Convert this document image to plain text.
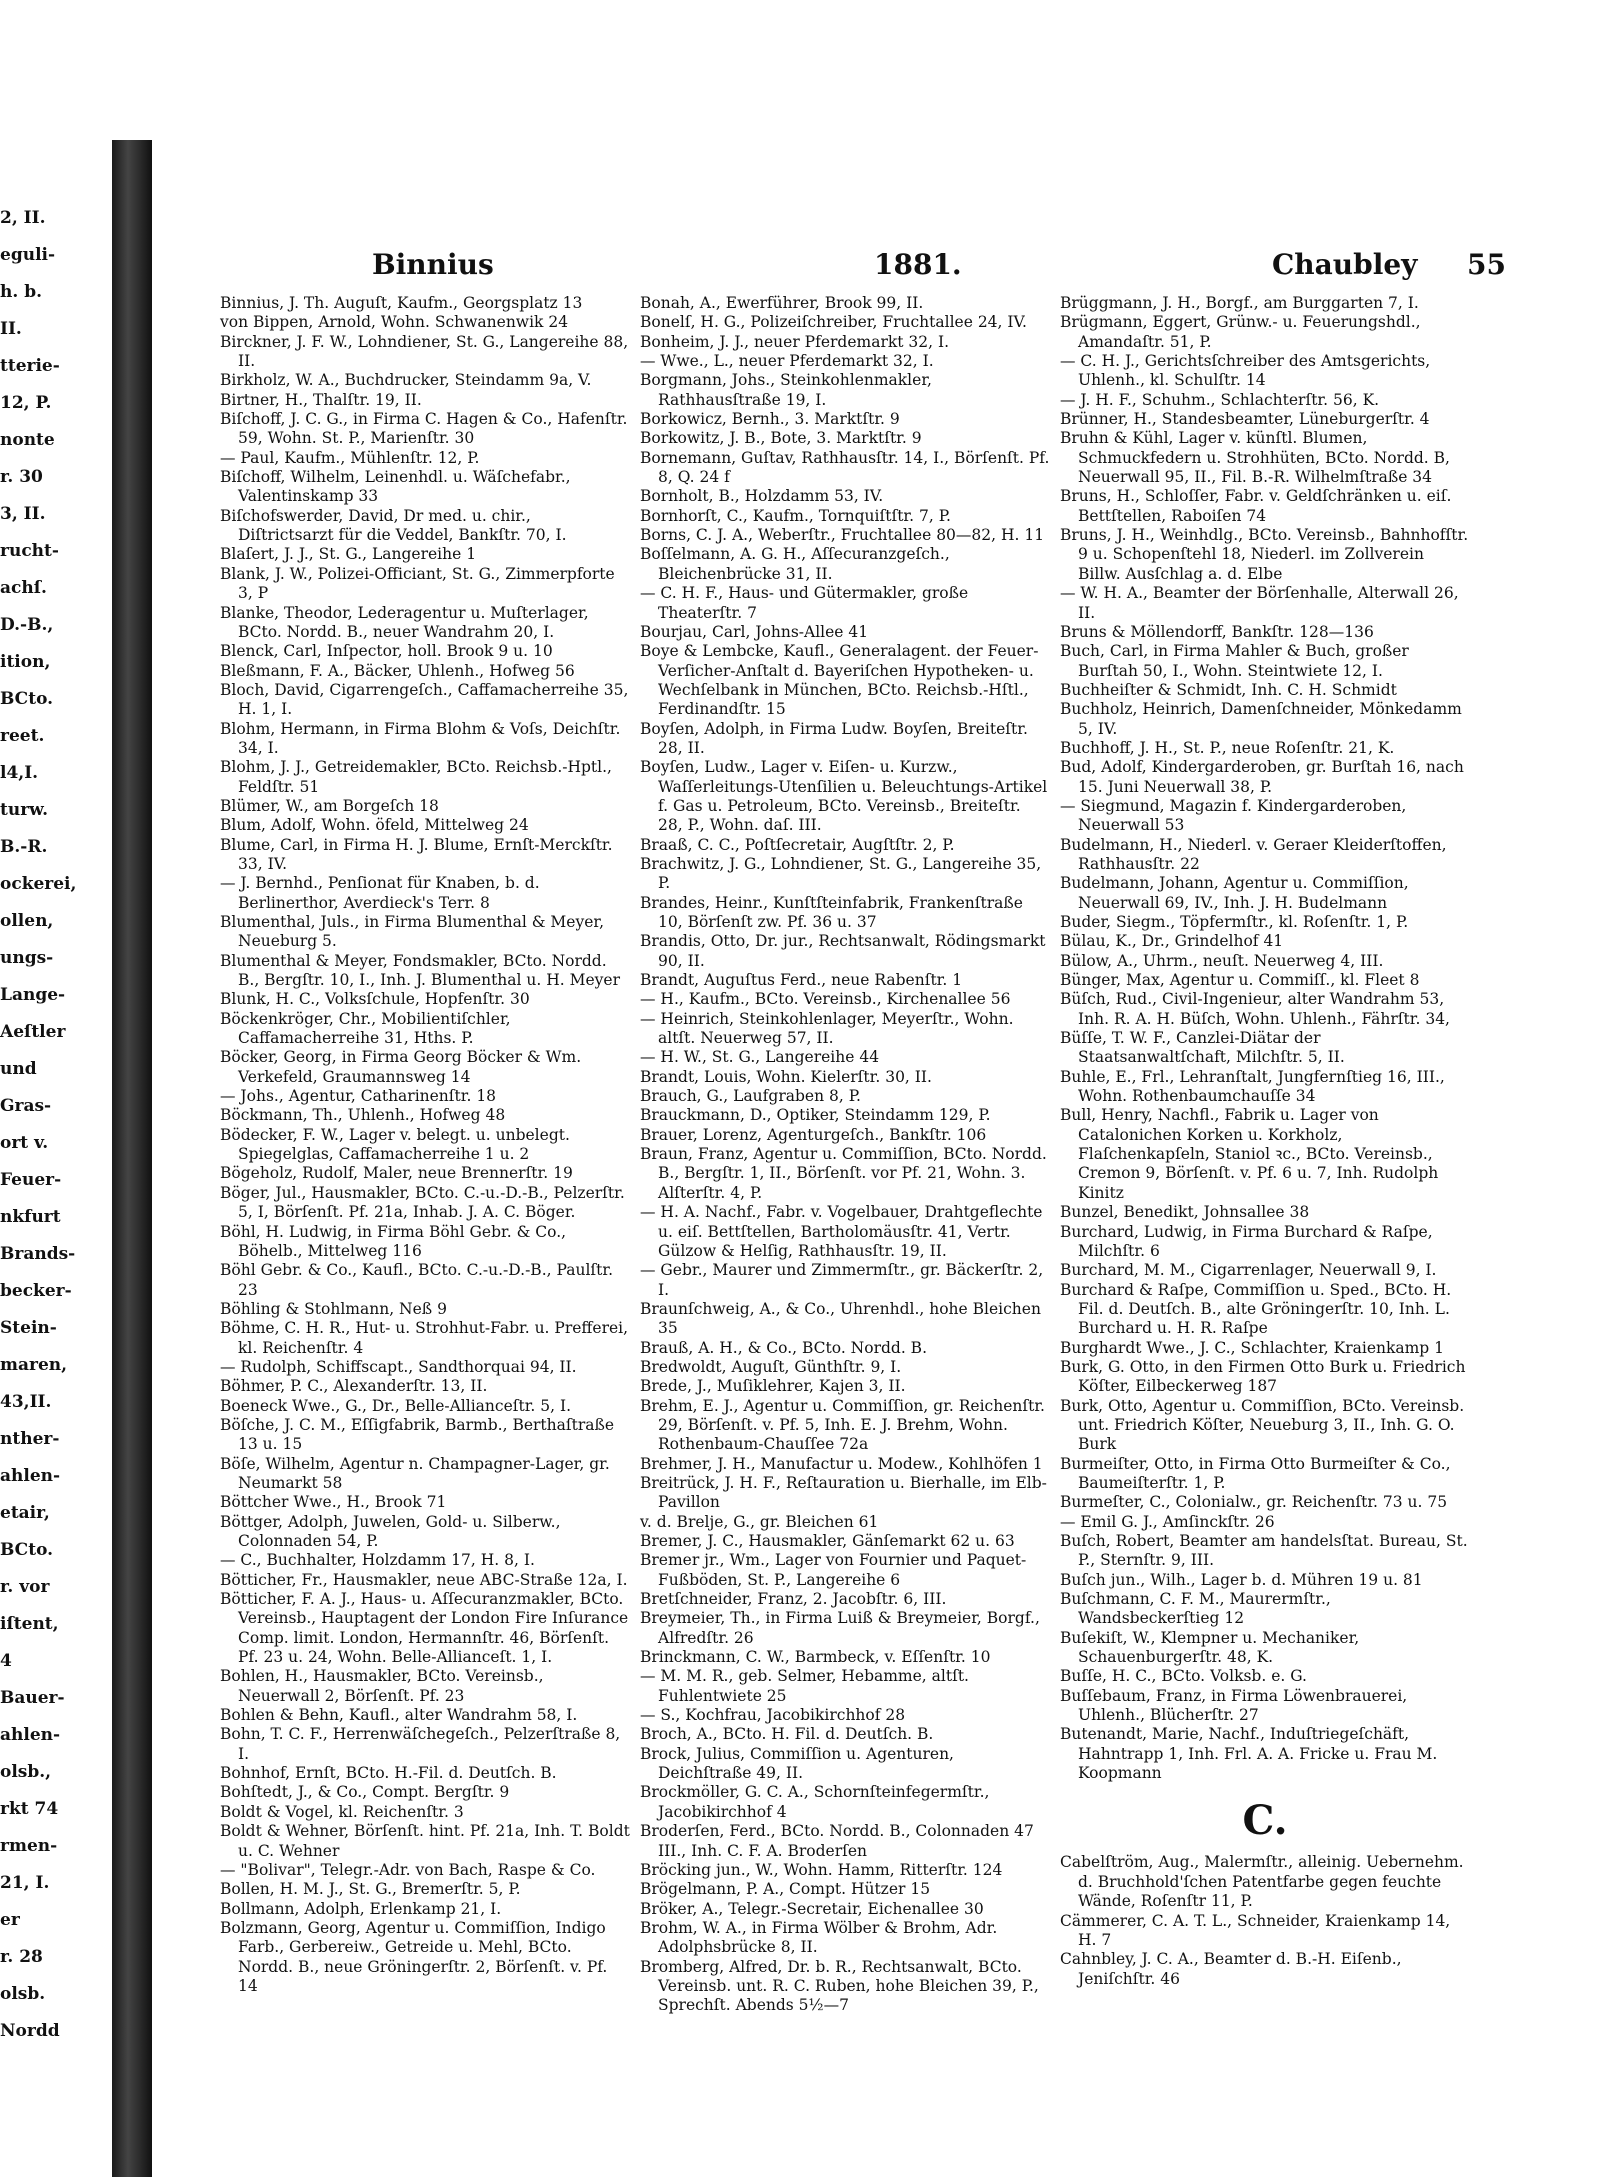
2, II.
eguli-
h. b.
II.
tterie-
12, P.
nonte
r. 30
3, II.
rucht-
achſ.
D.-B.,
ition,
BCto.
reet.
l4,I.
turw.
B.-R.
ockerei,
ollen,
ungs-
Lange-
Aeſtler
und
Gras-
ort v.
Feuer-
nkfurt
Brands-
becker-
Stein-
maren,
43,II.
nther-
ahlen-
etair,
BCto.
r. vor
iſtent,
4
Bauer-
ahlen-
olsb.,
rkt 74
rmen-
21, I.
er
r. 28
olsb.
Nordd
Binnius	1881.	Chaubley 55

Binnius, J. Th. Auguſt, Kaufm., Georgsplatz 13

von Bippen, Arnold, Wohn. Schwanenwik 24

Birckner, J. F. W., Lohndiener, St. G., Langereihe 88, II.

Birkholz, W. A., Buchdrucker, Steindamm 9a, V.

Birtner, H., Thalſtr. 19, II.

Biſchoff, J. C. G., in Firma C. Hagen & Co., Hafenſtr. 59, Wohn. St. P., Marienſtr. 30

— Paul, Kaufm., Mühlenſtr. 12, P.

Biſchoff, Wilhelm, Leinenhdl. u. Wäſchefabr., Valentinskamp 33

Biſchofswerder, David, Dr med. u. chir., Diſtrictsarzt für die Veddel, Bankſtr. 70, I.

Blaſert, J. J., St. G., Langereihe 1

Blank, J. W., Polizei-Officiant, St. G., Zimmerpforte 3, P

Blanke, Theodor, Lederagentur u. Muſterlager, BCto. Nordd. B., neuer Wandrahm 20, I.

Blenck, Carl, Inſpector, holl. Brook 9 u. 10

Bleßmann, F. A., Bäcker, Uhlenh., Hofweg 56

Bloch, David, Cigarrengeſch., Caffamacherreihe 35, H. 1, I.

Blohm, Hermann, in Firma Blohm & Voſs, Deichſtr. 34, I.

Blohm, J. J., Getreidemakler, BCto. Reichsb.-Hptl., Feldſtr. 51

Blümer, W., am Borgeſch 18

Blum, Adolf, Wohn. öfeld, Mittelweg 24

Blume, Carl, in Firma H. J. Blume, Ernſt-Merckſtr. 33, IV.

— J. Bernhd., Penſionat für Knaben, b. d. Berlinerthor, Averdieck's Terr. 8

Blumenthal, Juls., in Firma Blumenthal & Meyer, Neueburg 5.

Blumenthal & Meyer, Fondsmakler, BCto. Nordd. B., Bergſtr. 10, I., Inh. J. Blumenthal u. H. Meyer

Blunk, H. C., Volksſchule, Hopfenſtr. 30

Böckenkröger, Chr., Mobilientiſchler, Caffamacherreihe 31, Hths. P.

Böcker, Georg, in Firma Georg Böcker & Wm. Verkefeld, Graumannsweg 14

— Johs., Agentur, Catharinenſtr. 18

Böckmann, Th., Uhlenh., Hofweg 48

Bödecker, F. W., Lager v. belegt. u. unbelegt. Spiegelglas, Caffamacherreihe 1 u. 2

Bögeholz, Rudolf, Maler, neue Brennerſtr. 19

Böger, Jul., Hausmakler, BCto. C.-u.-D.-B., Pelzerſtr. 5, I, Börſenſt. Pf. 21a, Inhab. J. A. C. Böger.

Böhl, H. Ludwig, in Firma Böhl Gebr. & Co., Böhelb., Mittelweg 116

Böhl Gebr. & Co., Kaufl., BCto. C.-u.-D.-B., Paulſtr. 23

Böhling & Stohlmann, Neß 9

Böhme, C. H. R., Hut- u. Strohhut-Fabr. u. Prefferei, kl. Reichenſtr. 4

— Rudolph, Schiffscapt., Sandthorquai 94, II.

Böhmer, P. C., Alexanderſtr. 13, II.

Boeneck Wwe., G., Dr., Belle-Allianceſtr. 5, I.

Böſche, J. C. M., Eſſigfabrik, Barmb., Berthaſtraße 13 u. 15

Böſe, Wilhelm, Agentur n. Champagner-Lager, gr. Neumarkt 58

Böttcher Wwe., H., Brook 71

Böttger, Adolph, Juwelen, Gold- u. Silberw., Colonnaden 54, P.

— C., Buchhalter, Holzdamm 17, H. 8, I.

Bötticher, Fr., Hausmakler, neue ABC-Straße 12a, I.

Bötticher, F. A. J., Haus- u. Aſſecuranzmakler, BCto. Vereinsb., Hauptagent der London Fire Inſurance Comp. limit. London, Hermannſtr. 46, Börſenſt. Pf. 23 u. 24, Wohn. Belle-Allianceſt. 1, I.

Bohlen, H., Hausmakler, BCto. Vereinsb., Neuerwall 2, Börſenſt. Pf. 23

Bohlen & Behn, Kaufl., alter Wandrahm 58, I.

Bohn, T. C. F., Herrenwäſchegeſch., Pelzerſtraße 8, I.

Bohnhof, Ernſt, BCto. H.-Fil. d. Deutſch. B.

Bohſtedt, J., & Co., Compt. Bergſtr. 9

Boldt & Vogel, kl. Reichenſtr. 3

Boldt & Wehner, Börſenſt. hint. Pf. 21a, Inh. T. Boldt u. C. Wehner

— "Bolivar", Telegr.-Adr. von Bach, Raspe & Co.

Bollen, H. M. J., St. G., Bremerſtr. 5, P.

Bollmann, Adolph, Erlenkamp 21, I.

Bolzmann, Georg, Agentur u. Commiſſion, Indigo Farb., Gerbereiw., Getreide u. Mehl, BCto. Nordd. B., neue Gröningerſtr. 2, Börſenſt. v. Pf. 14

Bonah, A., Ewerführer, Brook 99, II.

Bonelſ, H. G., Polizeiſchreiber, Fruchtallee 24, IV.

Bonheim, J. J., neuer Pferdemarkt 32, I.

— Wwe., L., neuer Pferdemarkt 32, I.

Borgmann, Johs., Steinkohlenmakler, Rathhausſtraße 19, I.

Borkowicz, Bernh., 3. Marktſtr. 9

Borkowitz, J. B., Bote, 3. Marktſtr. 9

Bornemann, Guſtav, Rathhausſtr. 14, I., Börſenſt. Pf. 8, Q. 24 f

Bornholt, B., Holzdamm 53, IV.

Bornhorſt, C., Kaufm., Tornquiſtſtr. 7, P.

Borns, C. J. A., Weberſtr., Fruchtallee 80—82, H. 11

Boſſelmann, A. G. H., Aſſecuranzgeſch., Bleichenbrücke 31, II.

— C. H. F., Haus- und Gütermakler, große Theaterſtr. 7

Bourjau, Carl, Johns-Allee 41

Boye & Lembcke, Kaufl., Generalagent. der Feuer-Verſicher-Anſtalt d. Bayeriſchen Hypotheken- u. Wechſelbank in München, BCto. Reichsb.-Hſtl., Ferdinandſtr. 15

Boyſen, Adolph, in Firma Ludw. Boyſen, Breiteſtr. 28, II.

Boyſen, Ludw., Lager v. Eiſen- u. Kurzw., Waſſerleitungs-Utenſilien u. Beleuchtungs-Artikel f. Gas u. Petroleum, BCto. Vereinsb., Breiteſtr. 28, P., Wohn. daſ. III.

Braaß, C. C., Poſtſecretair, Augſtſtr. 2, P.

Brachwitz, J. G., Lohndiener, St. G., Langereihe 35, P.

Brandes, Heinr., Kunſtſteinfabrik, Frankenſtraße 10, Börſenſt zw. Pf. 36 u. 37

Brandis, Otto, Dr. jur., Rechtsanwalt, Rödingsmarkt 90, II.

Brandt, Auguſtus Ferd., neue Rabenſtr. 1

— H., Kaufm., BCto. Vereinsb., Kirchenallee 56

— Heinrich, Steinkohlenlager, Meyerſtr., Wohn. altſt. Neuerweg 57, II.

— H. W., St. G., Langereihe 44

Brandt, Louis, Wohn. Kielerſtr. 30, II.

Brauch, G., Laufgraben 8, P.

Brauckmann, D., Optiker, Steindamm 129, P.

Brauer, Lorenz, Agenturgeſch., Bankſtr. 106

Braun, Franz, Agentur u. Commiſſion, BCto. Nordd. B., Bergſtr. 1, II., Börſenſt. vor Pf. 21, Wohn. 3. Alſterſtr. 4, P.

— H. A. Nachf., Fabr. v. Vogelbauer, Drahtgeflechte u. eiſ. Bettſtellen, Bartholomäusſtr. 41, Vertr. Gülzow & Helſig, Rathhausſtr. 19, II.

— Gebr., Maurer und Zimmermſtr., gr. Bäckerſtr. 2, I.

Braunſchweig, A., & Co., Uhrenhdl., hohe Bleichen 35

Brauß, A. H., & Co., BCto. Nordd. B.

Bredwoldt, Auguſt, Günthſtr. 9, I.

Brede, J., Muſiklehrer, Kajen 3, II.

Brehm, E. J., Agentur u. Commiſſion, gr. Reichenſtr. 29, Börſenſt. v. Pf. 5, Inh. E. J. Brehm, Wohn. Rothenbaum-Chauſſee 72a

Brehmer, J. H., Manufactur u. Modew., Kohlhöfen 1

Breitrück, J. H. F., Reſtauration u. Bierhalle, im Elb-Pavillon

v. d. Brelje, G., gr. Bleichen 61

Bremer, J. C., Hausmakler, Gänſemarkt 62 u. 63

Bremer jr., Wm., Lager von Fournier und Paquet-Fußböden, St. P., Langereihe 6

Bretſchneider, Franz, 2. Jacobſtr. 6, III.

Breymeier, Th., in Firma Luiß & Breymeier, Borgf., Alfredſtr. 26

Brinckmann, C. W., Barmbeck, v. Eſſenſtr. 10

— M. M. R., geb. Selmer, Hebamme, altſt. Fuhlentwiete 25

— S., Kochfrau, Jacobikirchhof 28

Broch, A., BCto. H. Fil. d. Deutſch. B.

Brock, Julius, Commiſſion u. Agenturen, Deichſtraße 49, II.

Brockmöller, G. C. A., Schornſteinfegermſtr., Jacobikirchhof 4

Broderſen, Ferd., BCto. Nordd. B., Colonnaden 47 III., Inh. C. F. A. Broderſen

Bröcking jun., W., Wohn. Hamm, Ritterſtr. 124

Brögelmann, P. A., Compt. Hützer 15

Bröker, A., Telegr.-Secretair, Eichenallee 30

Brohm, W. A., in Firma Wölber & Brohm, Adr. Adolphsbrücke 8, II.

Bromberg, Alfred, Dr. b. R., Rechtsanwalt, BCto. Vereinsb. unt. R. C. Ruben, hohe Bleichen 39, P., Sprechſt. Abends 5½—7

Brüggmann, J. H., Borgf., am Burggarten 7, I.

Brügmann, Eggert, Grünw.- u. Feuerungshdl., Amandaſtr. 51, P.

— C. H. J., Gerichtsſchreiber des Amtsgerichts, Uhlenh., kl. Schulſtr. 14

— J. H. F., Schuhm., Schlachterſtr. 56, K.

Brünner, H., Standesbeamter, Lüneburgerſtr. 4

Bruhn & Kühl, Lager v. künſtl. Blumen, Schmuckfedern u. Strohhüten, BCto. Nordd. B, Neuerwall 95, II., Fil. B.-R. Wilhelmſtraße 34

Bruns, H., Schloſſer, Fabr. v. Geldſchränken u. eiſ. Bettſtellen, Raboiſen 74

Bruns, J. H., Weinhdlg., BCto. Vereinsb., Bahnhofſtr. 9 u. Schopenſtehl 18, Niederl. im Zollverein Billw. Ausſchlag a. d. Elbe

— W. H. A., Beamter der Börſenhalle, Alterwall 26, II.

Bruns & Möllendorff, Bankſtr. 128—136

Buch, Carl, in Firma Mahler & Buch, großer Burſtah 50, I., Wohn. Steintwiete 12, I.

Buchheiſter & Schmidt, Inh. C. H. Schmidt

Buchholz, Heinrich, Damenſchneider, Mönkedamm 5, IV.

Buchhoff, J. H., St. P., neue Roſenſtr. 21, K.

Bud, Adolf, Kindergarderoben, gr. Burſtah 16, nach 15. Juni Neuerwall 38, P.

— Siegmund, Magazin f. Kindergarderoben, Neuerwall 53

Budelmann, H., Niederl. v. Geraer Kleiderſtoffen, Rathhausſtr. 22

Budelmann, Johann, Agentur u. Commiſſion, Neuerwall 69, IV., Inh. J. H. Budelmann

Buder, Siegm., Töpfermſtr., kl. Roſenſtr. 1, P.

Bülau, K., Dr., Grindelhof 41

Bülow, A., Uhrm., neuſt. Neuerweg 4, III.

Bünger, Max, Agentur u. Commiſſ., kl. Fleet 8

Büſch, Rud., Civil-Ingenieur, alter Wandrahm 53, Inh. R. A. H. Büſch, Wohn. Uhlenh., Fährſtr. 34,

Büſſe, T. W. F., Canzlei-Diätar der Staatsanwaltſchaft, Milchſtr. 5, II.

Buhle, E., Frl., Lehranſtalt, Jungfernſtieg 16, III., Wohn. Rothenbaumchauſſe 34

Bull, Henry, Nachfl., Fabrik u. Lager von Catalonichen Korken u. Korkholz, Flaſchenkapſeln, Staniol ꝛc., BCto. Vereinsb., Cremon 9, Börſenſt. v. Pf. 6 u. 7, Inh. Rudolph Kinitz

Bunzel, Benedikt, Johnsallee 38

Burchard, Ludwig, in Firma Burchard & Raſpe, Milchſtr. 6

Burchard, M. M., Cigarrenlager, Neuerwall 9, I.

Burchard & Raſpe, Commiſſion u. Sped., BCto. H. Fil. d. Deutſch. B., alte Gröningerſtr. 10, Inh. L. Burchard u. H. R. Raſpe

Burghardt Wwe., J. C., Schlachter, Kraienkamp 1

Burk, G. Otto, in den Firmen Otto Burk u. Friedrich Köſter, Eilbeckerweg 187

Burk, Otto, Agentur u. Commiſſion, BCto. Vereinsb. unt. Friedrich Köſter, Neueburg 3, II., Inh. G. O. Burk

Burmeiſter, Otto, in Firma Otto Burmeiſter & Co., Baumeiſterſtr. 1, P.

Burmeſter, C., Colonialw., gr. Reichenſtr. 73 u. 75

— Emil G. J., Amſinckſtr. 26

Buſch, Robert, Beamter am handelsſtat. Bureau, St. P., Sternſtr. 9, III.

Buſch jun., Wilh., Lager b. d. Mühren 19 u. 81

Buſchmann, C. F. M., Maurermſtr., Wandsbeckerſtieg 12

Buſekiſt, W., Klempner u. Mechaniker, Schauenburgerſtr. 48, K.

Buſſe, H. C., BCto. Volksb. e. G.

Buſſebaum, Franz, in Firma Löwenbrauerei, Uhlenh., Blücherſtr. 27

Butenandt, Marie, Nachf., Induſtriegeſchäft, Hahntrapp 1, Inh. Frl. A. A. Fricke u. Frau M. Koopmann

C.

Cabelſtröm, Aug., Malermſtr., alleinig. Uebernehm. d. Bruchhold'ſchen Patentfarbe gegen feuchte Wände, Roſenſtr 11, P.

Cämmerer, C. A. T. L., Schneider, Kraienkamp 14, H. 7

Cahnbley, J. C. A., Beamter d. B.-H. Eiſenb., Jeniſchſtr. 46
